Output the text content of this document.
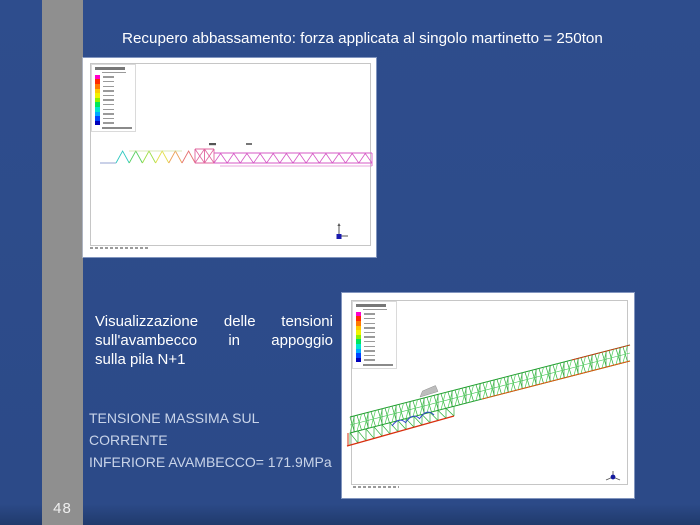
48
Recupero abbassamento: forza applicata al singolo martinetto = 250ton
Visualizzazione delle tensioni
sull'avambecco in appoggio
sulla pila N+1
TENSIONE MASSIMA SUL CORRENTE
INFERIORE AVAMBECCO= 171.9MPa
